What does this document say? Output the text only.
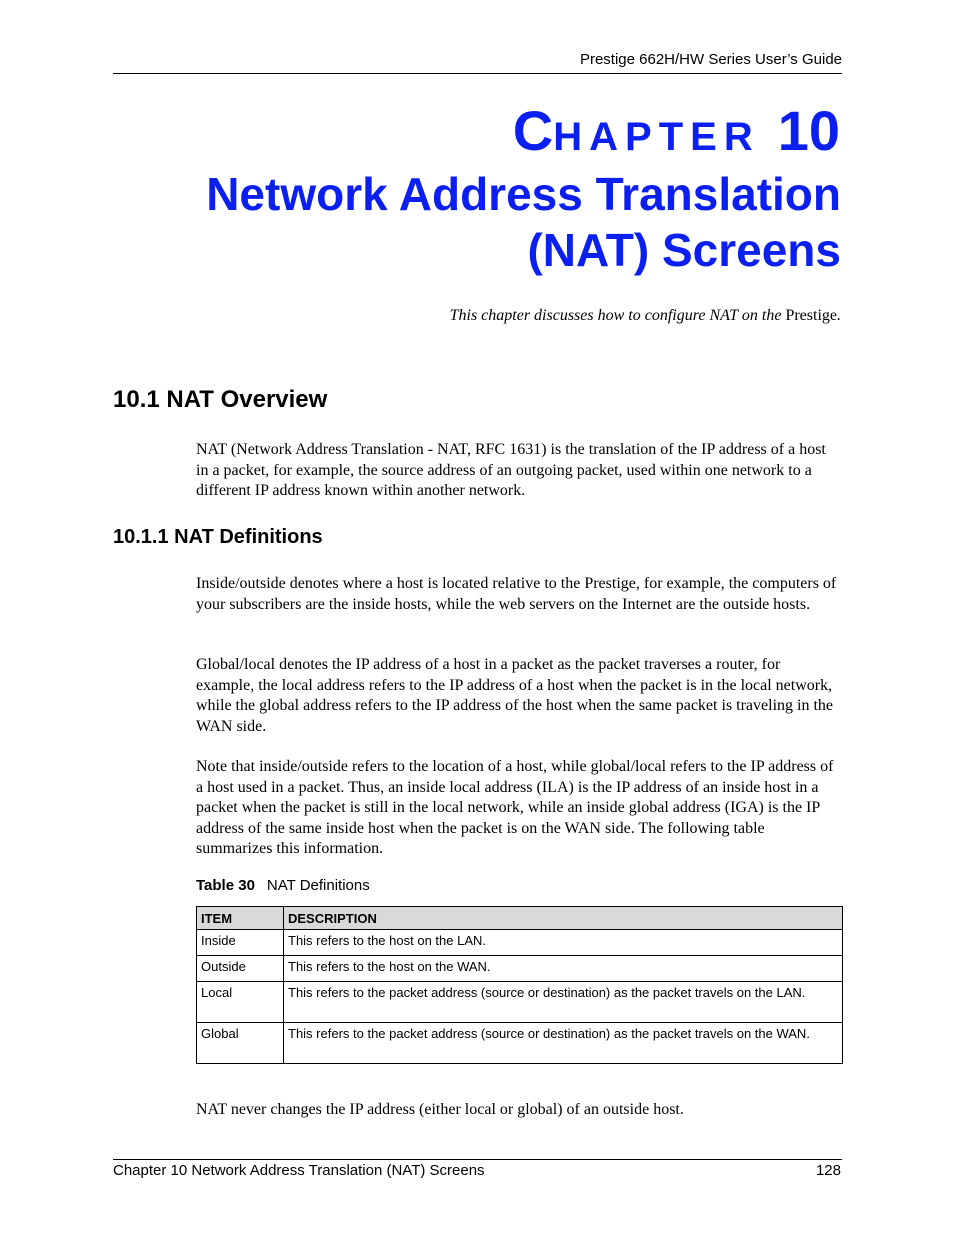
Prestige 662H/HW Series User’s Guide
CHAPTER 10
Network Address Translation
(NAT) Screens
This chapter discusses how to configure NAT on the Prestige.
10.1 NAT Overview

NAT (Network Address Translation - NAT, RFC 1631) is the translation of the IP address of a host in a packet, for example, the source address of an outgoing packet, used within one network to a different IP address known within another network.

10.1.1 NAT Definitions

Inside/outside denotes where a host is located relative to the Prestige, for example, the computers of your subscribers are the inside hosts, while the web servers on the Internet are the outside hosts.

Global/local denotes the IP address of a host in a packet as the packet traverses a router, for example, the local address refers to the IP address of a host when the packet is in the local network, while the global address refers to the IP address of the host when the same packet is traveling in the WAN side.

Note that inside/outside refers to the location of a host, while global/local refers to the IP address of a host used in a packet. Thus, an inside local address (ILA) is the IP address of an inside host in a packet when the packet is still in the local network, while an inside global address (IGA) is the IP address of the same inside host when the packet is on the WAN side. The following table summarizes this information.

Table 30 NAT Definitions
ITEM	DESCRIPTION
Inside	This refers to the host on the LAN.
Outside	This refers to the host on the WAN.
Local	This refers to the packet address (source or destination) as the packet travels on the LAN.
Global	This refers to the packet address (source or destination) as the packet travels on the WAN.

NAT never changes the IP address (either local or global) of an outside host.

Chapter 10 Network Address Translation (NAT) Screens	128
